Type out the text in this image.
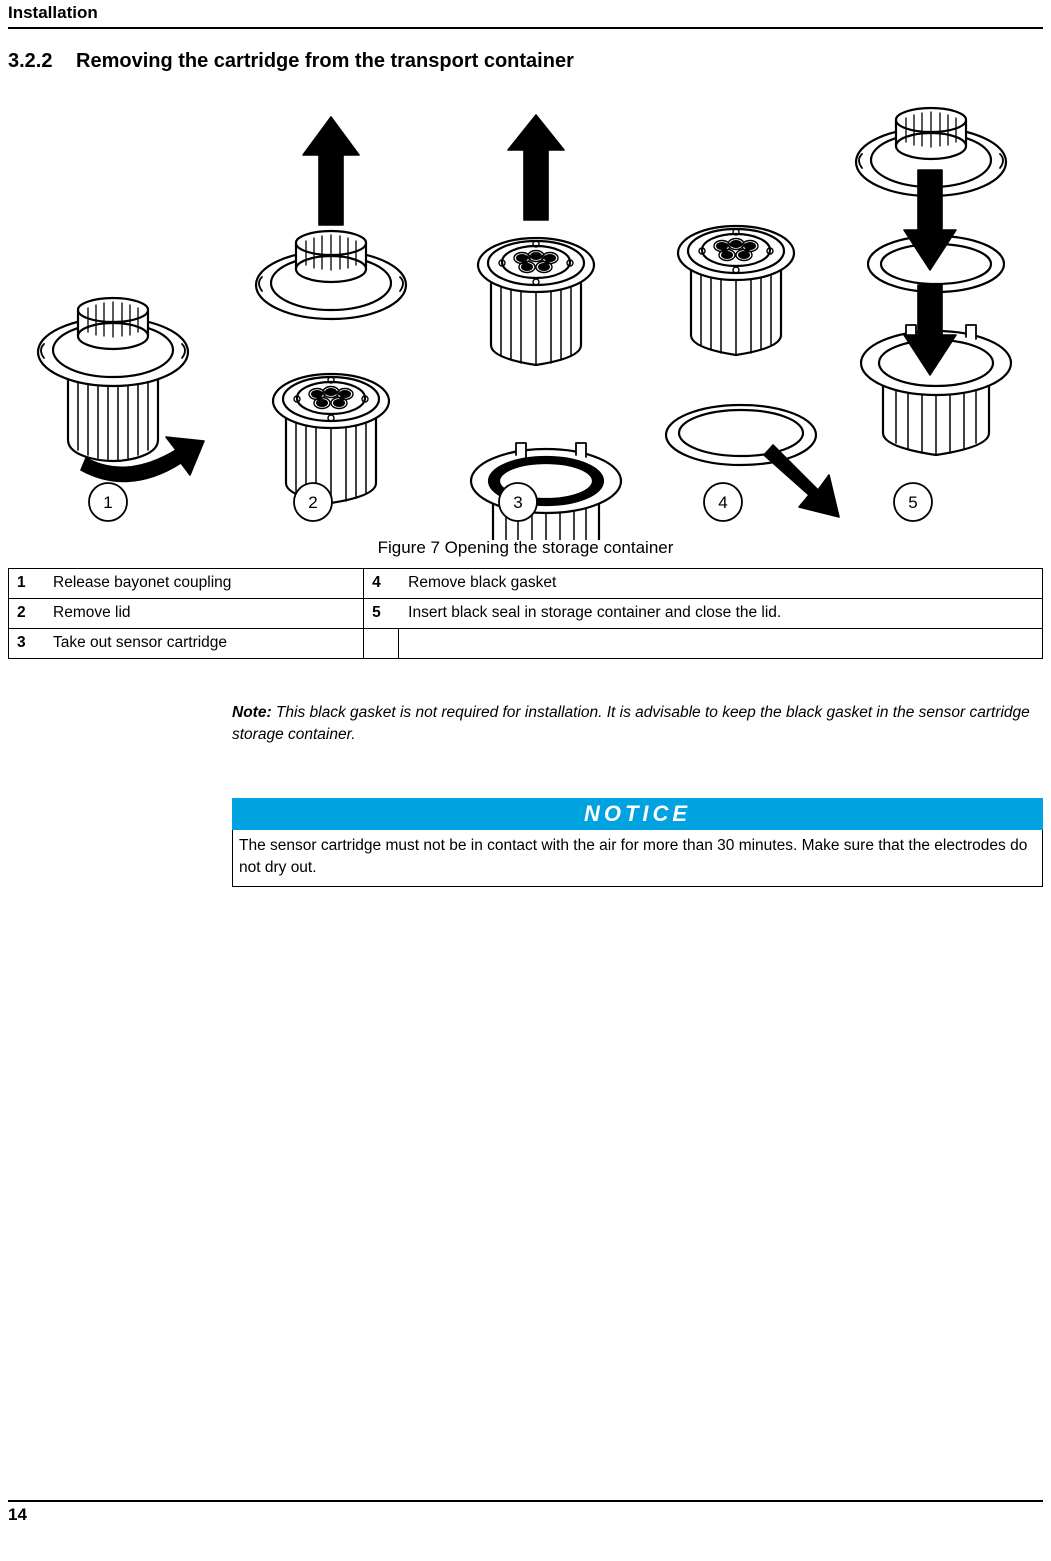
Installation
3.2.2 Removing the cartridge from the transport container
1	2	3	4	5
Figure 7 Opening the storage container
1	Release bayonet coupling	4	Remove black gasket
2	Remove lid	5	Insert black seal in storage container and close the lid.
3	Take out sensor cartridge		
Note: This black gasket is not required for installation. It is advisable to keep the black gasket in the sensor cartridge storage container.
NOTICE
The sensor cartridge must not be in contact with the air for more than 30 minutes. Make sure that the electrodes do not dry out.
14
